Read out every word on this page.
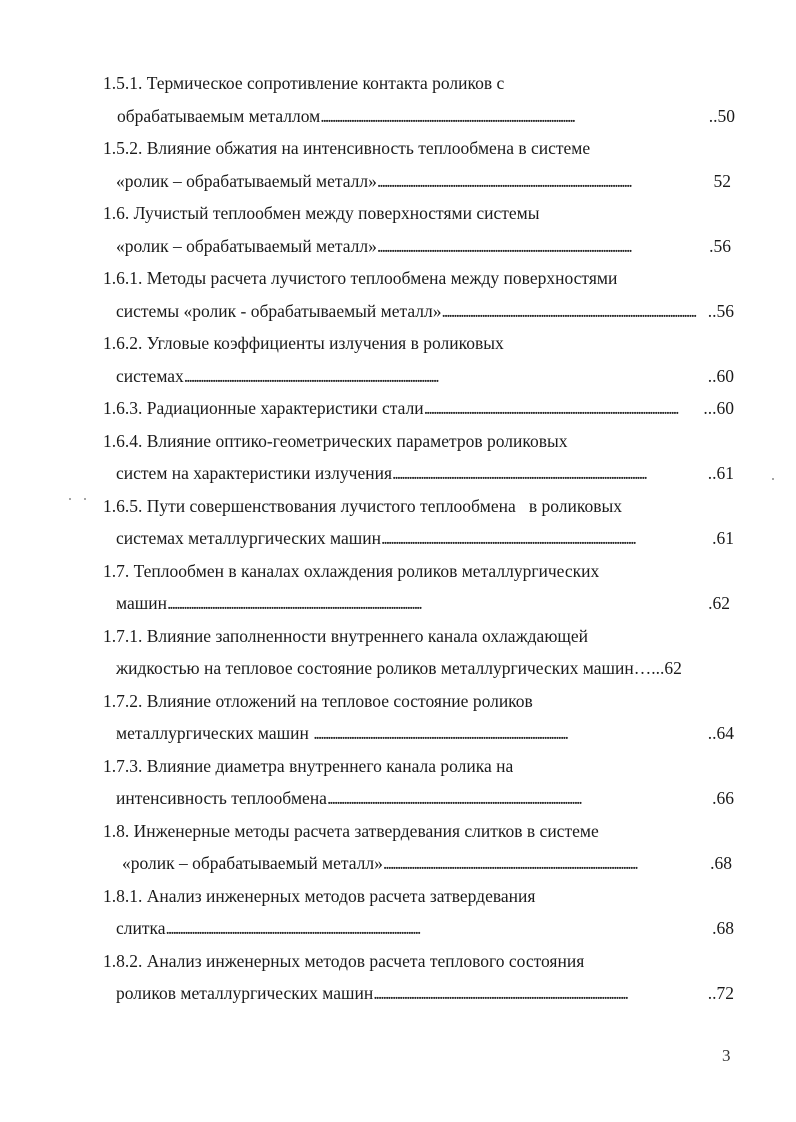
1.5.1. Термическое сопротивление контакта роликов с
обрабатываемым металлом . . .	..50
1.5.2. Влияние обжатия на интенсивность теплообмена в системе
«ролик – обрабатываемый металл» . . .	52
1.6. Лучистый теплообмен между поверхностями системы
«ролик – обрабатываемый металл» . . .	.56
1.6.1. Методы расчета лучистого теплообмена между поверхностями
системы «ролик - обрабатываемый металл» . . .	..56
1.6.2. Угловые коэффициенты излучения в роликовых
системах . . .	..60
1.6.3. Радиационные характеристики стали . . .	...60
1.6.4. Влияние оптико-геометрических параметров роликовых
систем на характеристики излучения . . .	..61
1.6.5. Пути совершенствования лучистого теплообмена   в роликовых
системах металлургических машин . . .	.61
1.7. Теплообмен в каналах охлаждения роликов металлургических
машин . . .	.62
1.7.1. Влияние заполненности внутреннего канала охлаждающей
жидкостью на тепловое состояние роликов металлургических машин… ...62
1.7.2. Влияние отложений на тепловое состояние роликов
металлургических машин . . .	..64
1.7.3. Влияние диаметра внутреннего канала ролика на
интенсивность теплообмена . . .	.66
1.8. Инженерные методы расчета затвердевания слитков в системе
«ролик – обрабатываемый металл» . . .	.68
1.8.1. Анализ инженерных методов расчета затвердевания
слитка . . .	.68
1.8.2. Анализ инженерных методов расчета теплового состояния
роликов металлургических машин . . .	..72
3
